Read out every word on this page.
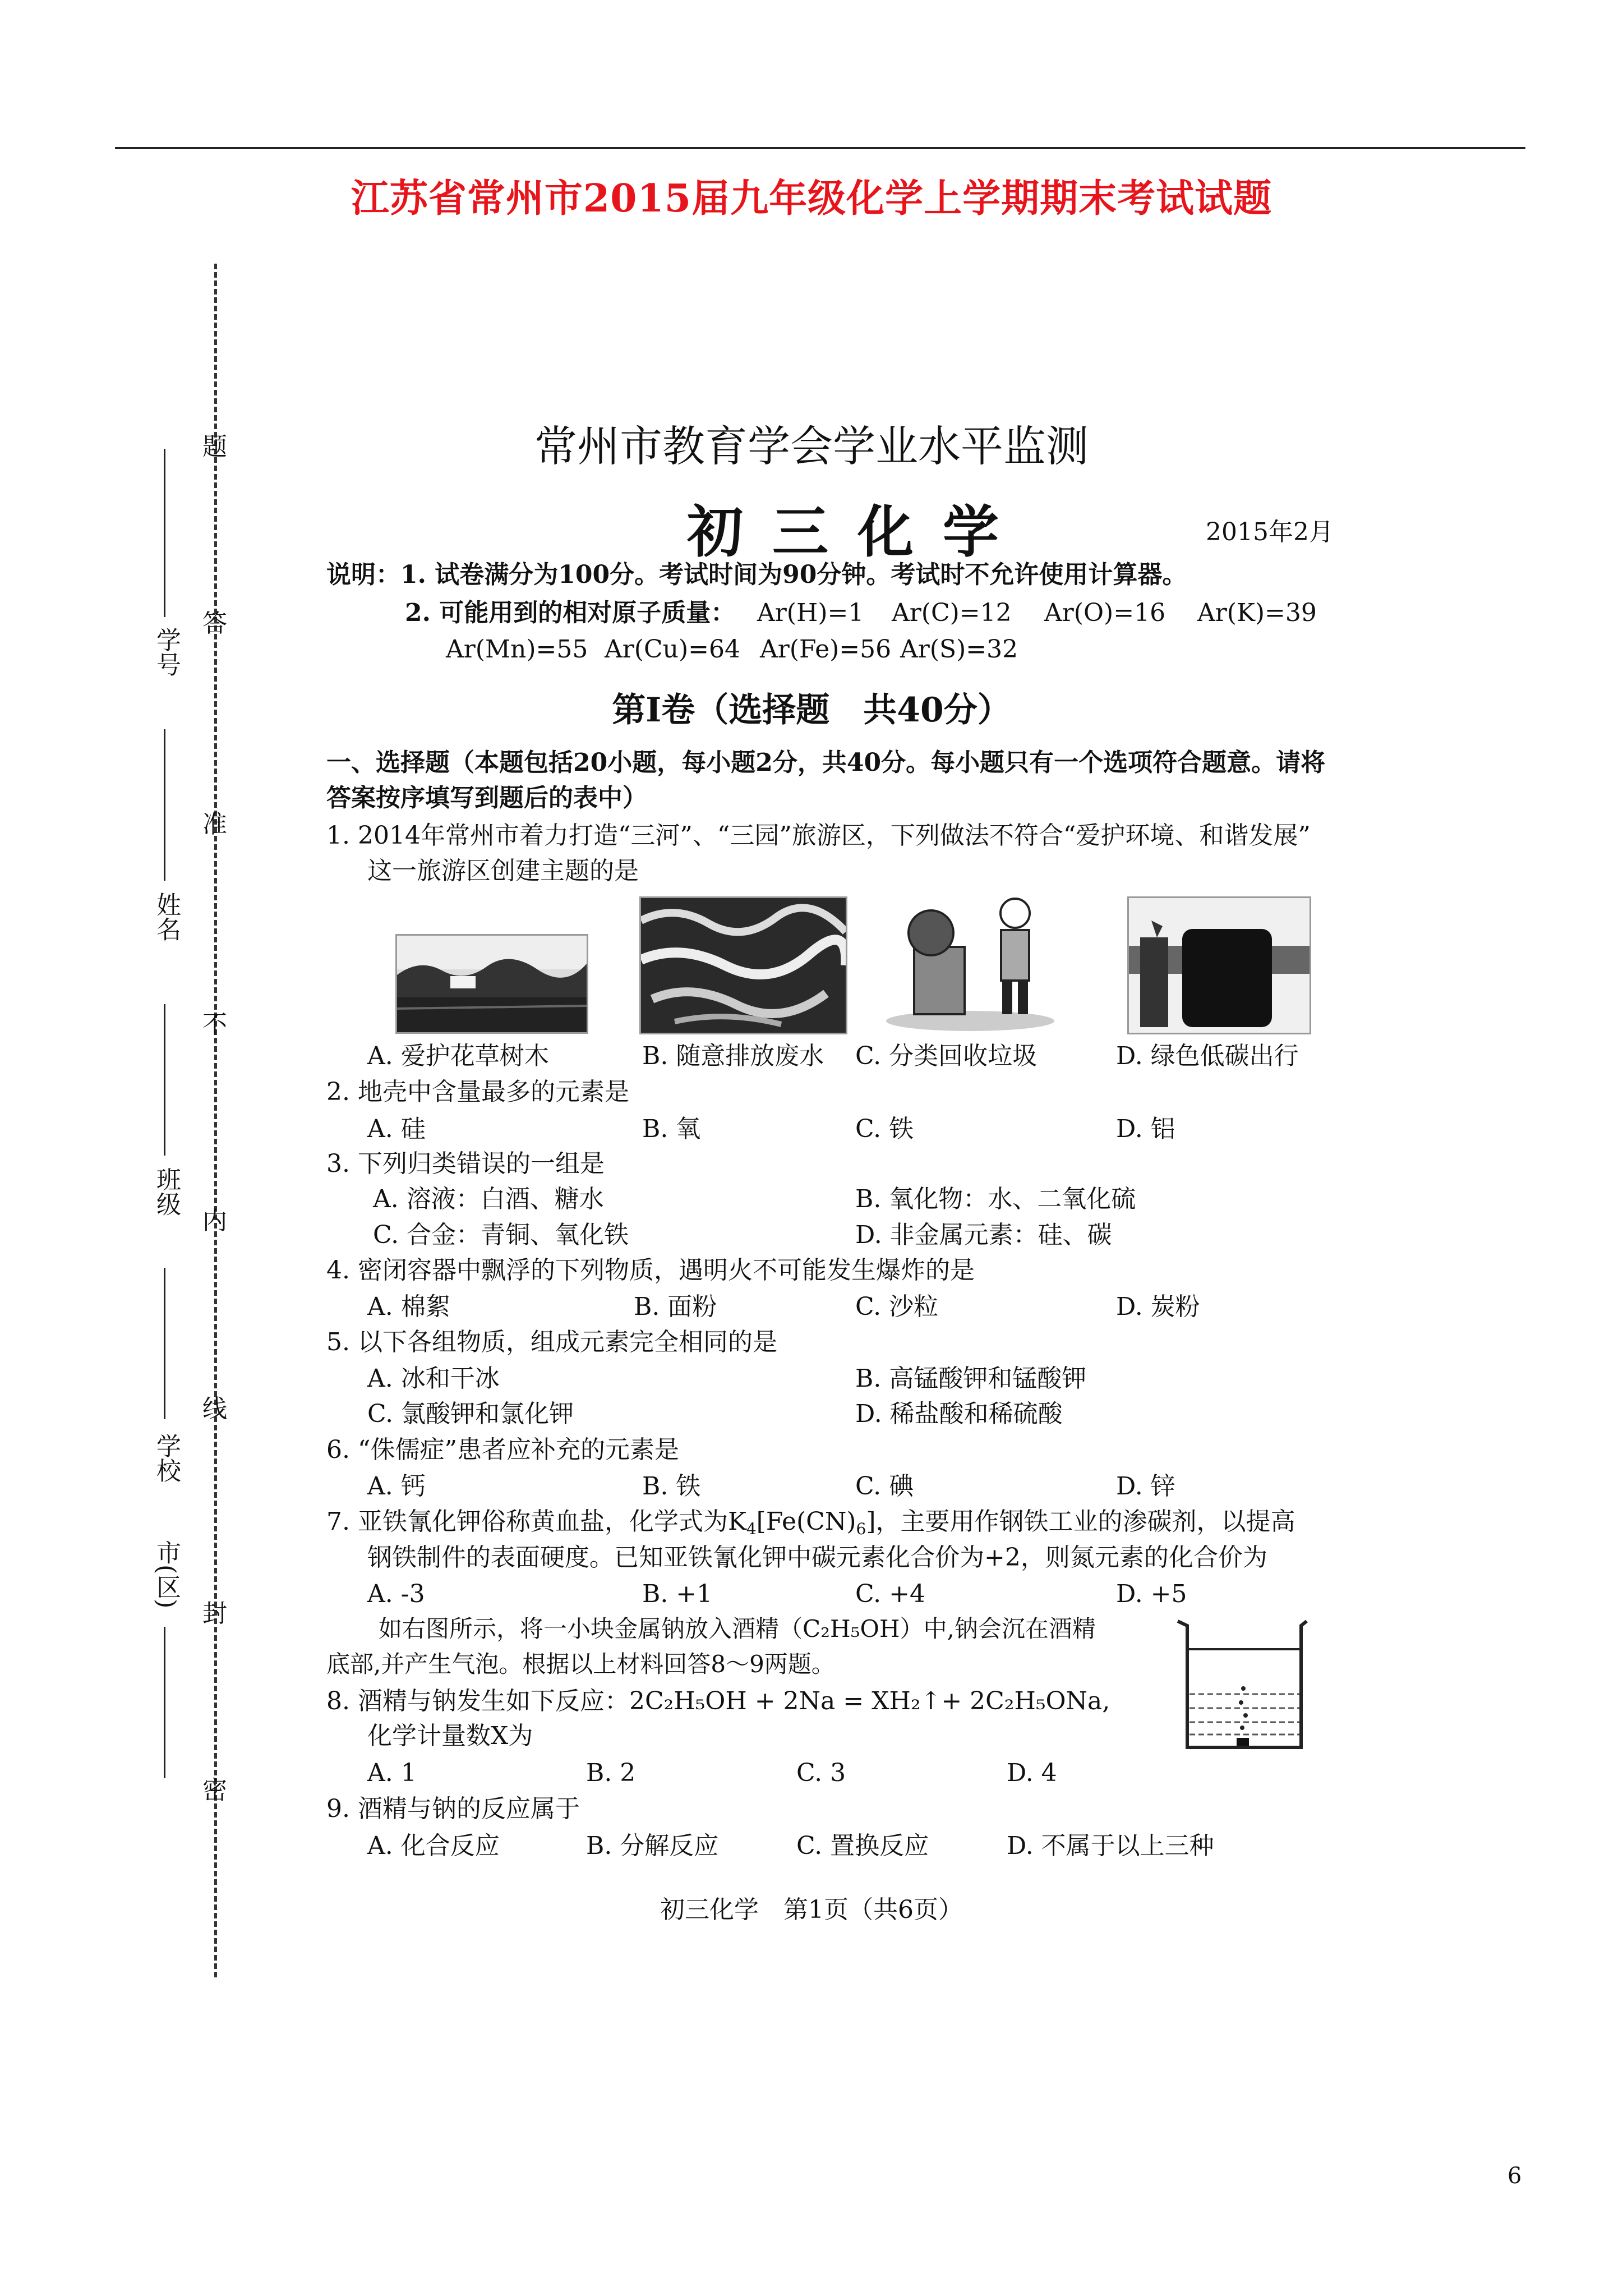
江苏省常州市2015届九年级化学上学期期末考试试题
题
答
准
不
内
线
封
密
学号
姓名
班级
学校
市(区)
常州市教育学会学业水平监测
初三化学	2015年2月
说明：1. 试卷满分为100分。考试时间为90分钟。考试时不允许使用计算器。
2. 可能用到的相对原子质量： Ar(H)=1 Ar(C)=12 Ar(O)=16 Ar(K)=39
Ar(Mn)=55 Ar(Cu)=64 Ar(Fe)=56 Ar(S)=32
第Ⅰ卷（选择题　共40分）
一、选择题（本题包括20小题，每小题2分，共40分。每小题只有一个选项符合题意。请将
答案按序填写到题后的表中）
1. 2014年常州市着力打造“三河”、“三园”旅游区，下列做法不符合“爱护环境、和谐发展”
这一旅游区创建主题的是
A. 爱护花草树木	B. 随意排放废水 C. 分类回收垃圾	D. 绿色低碳出行
2. 地壳中含量最多的元素是
A. 硅	B. 氧	C. 铁	D. 铝
3. 下列归类错误的一组是
A. 溶液：白酒、糖水	B. 氧化物：水、二氧化硫
C. 合金：青铜、氧化铁	D. 非金属元素：硅、碳
4. 密闭容器中飘浮的下列物质，遇明火不可能发生爆炸的是
A. 棉絮	B. 面粉	C. 沙粒	D. 炭粉
5. 以下各组物质，组成元素完全相同的是
A. 冰和干冰	B. 高锰酸钾和锰酸钾
C. 氯酸钾和氯化钾	D. 稀盐酸和稀硫酸
6. “侏儒症”患者应补充的元素是
A. 钙	B. 铁	C. 碘	D. 锌
7. 亚铁氰化钾俗称黄血盐，化学式为$K_4[Fe(CN)_6]$，主要用作钢铁工业的渗碳剂，以提高
钢铁制件的表面硬度。已知亚铁氰化钾中碳元素化合价为+2，则氮元素的化合价为
A. -3	B. +1	C. +4	D. +5
如右图所示，将一小块金属钠放入酒精（C₂H₅OH）中,钠会沉在酒精
底部,并产生气泡。根据以上材料回答8～9两题。
8. 酒精与钠发生如下反应：2C₂H₅OH + 2Na = XH₂↑+ 2C₂H₅ONa,
化学计量数X为
A. 1	B. 2	C. 3	D. 4
9. 酒精与钠的反应属于
A. 化合反应	B. 分解反应	C. 置换反应	D. 不属于以上三种
初三化学　第1页（共6页）
6
